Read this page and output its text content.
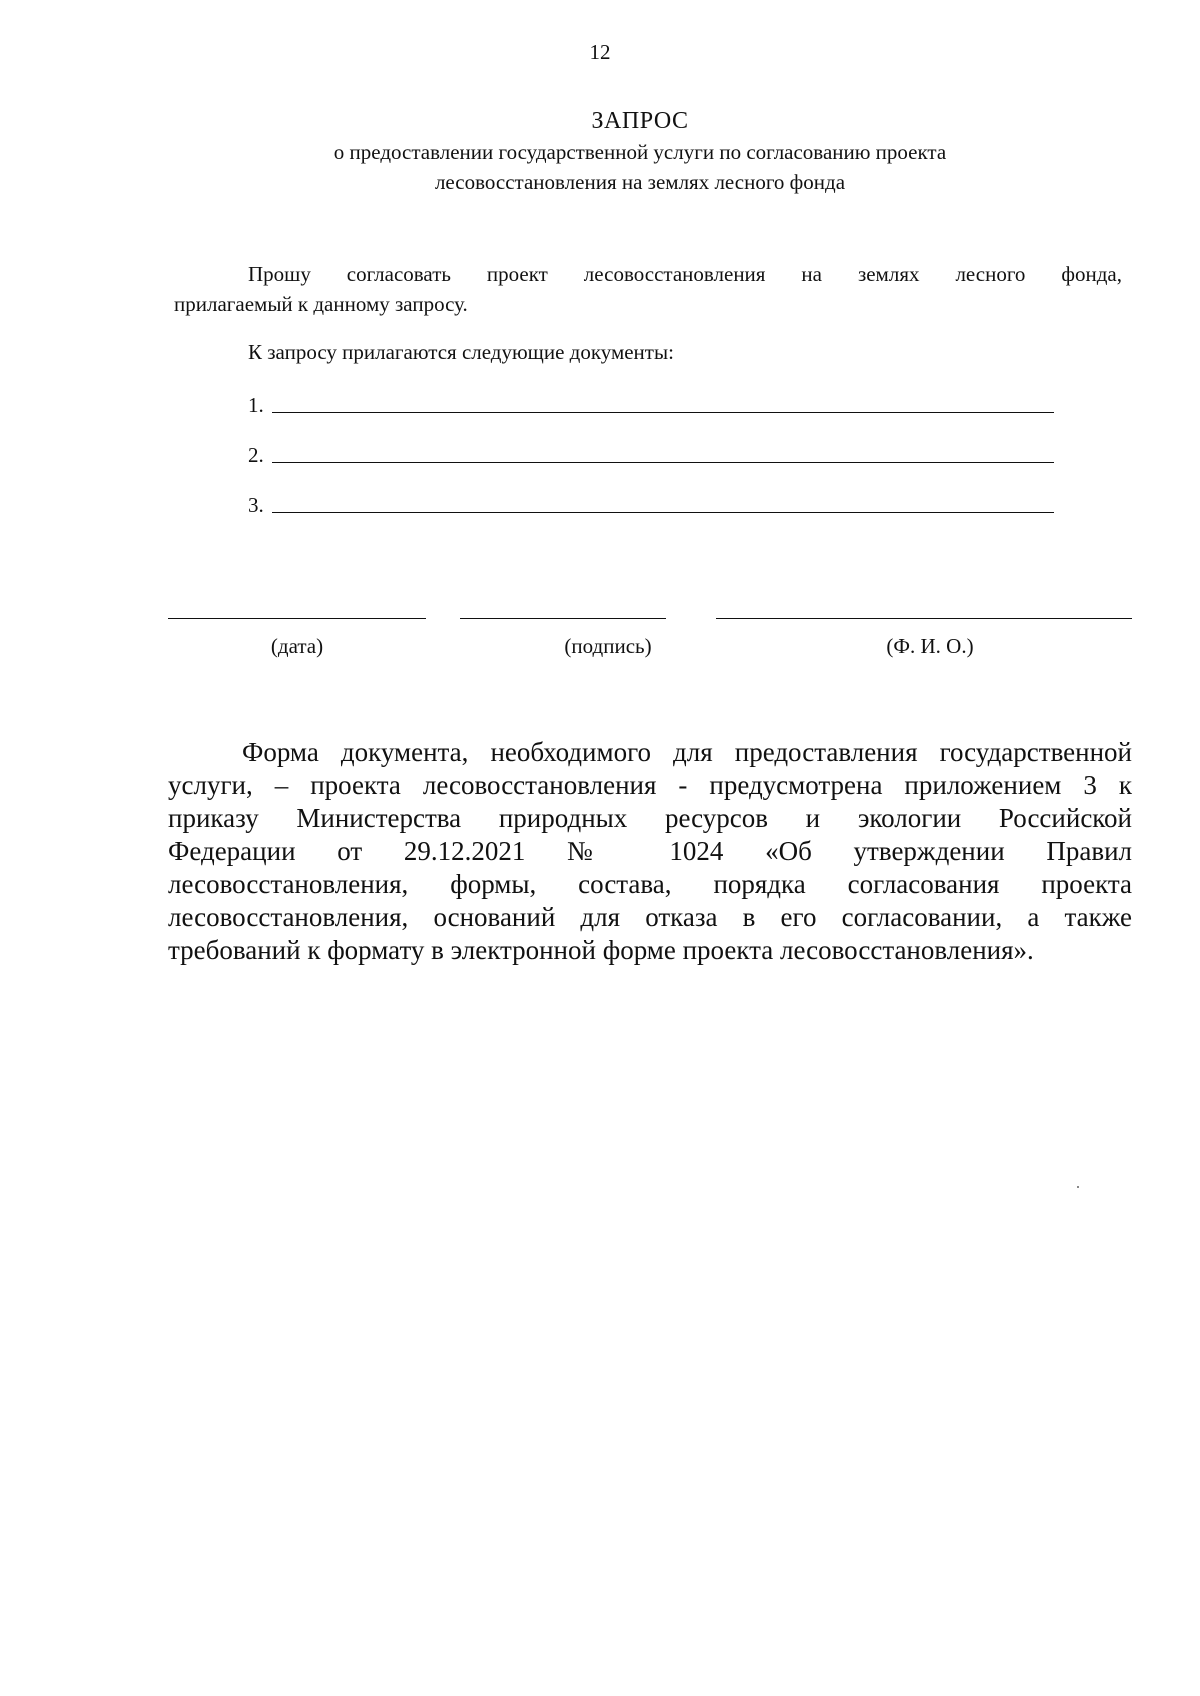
12
ЗАПРОС
о предоставлении государственной услуги по согласованию проекта
лесовосстановления на землях лесного фонда
Прошу согласовать проект лесовосстановления на землях лесного фонда,
прилагаемый к данному запросу.
К запросу прилагаются следующие документы:
1.
2.
3.
(дата)	(подпись)	(Ф. И. О.)
Форма документа, необходимого для предоставления государственной
услуги, – проекта лесовосстановления - предусмотрена приложением 3 к
приказу Министерства природных ресурсов и экологии Российской
Федерации от 29.12.2021 № 1024 «Об утверждении Правил
лесовосстановления, формы, состава, порядка согласования проекта
лесовосстановления, оснований для отказа в его согласовании, а также
требований к формату в электронной форме проекта лесовосстановления».
